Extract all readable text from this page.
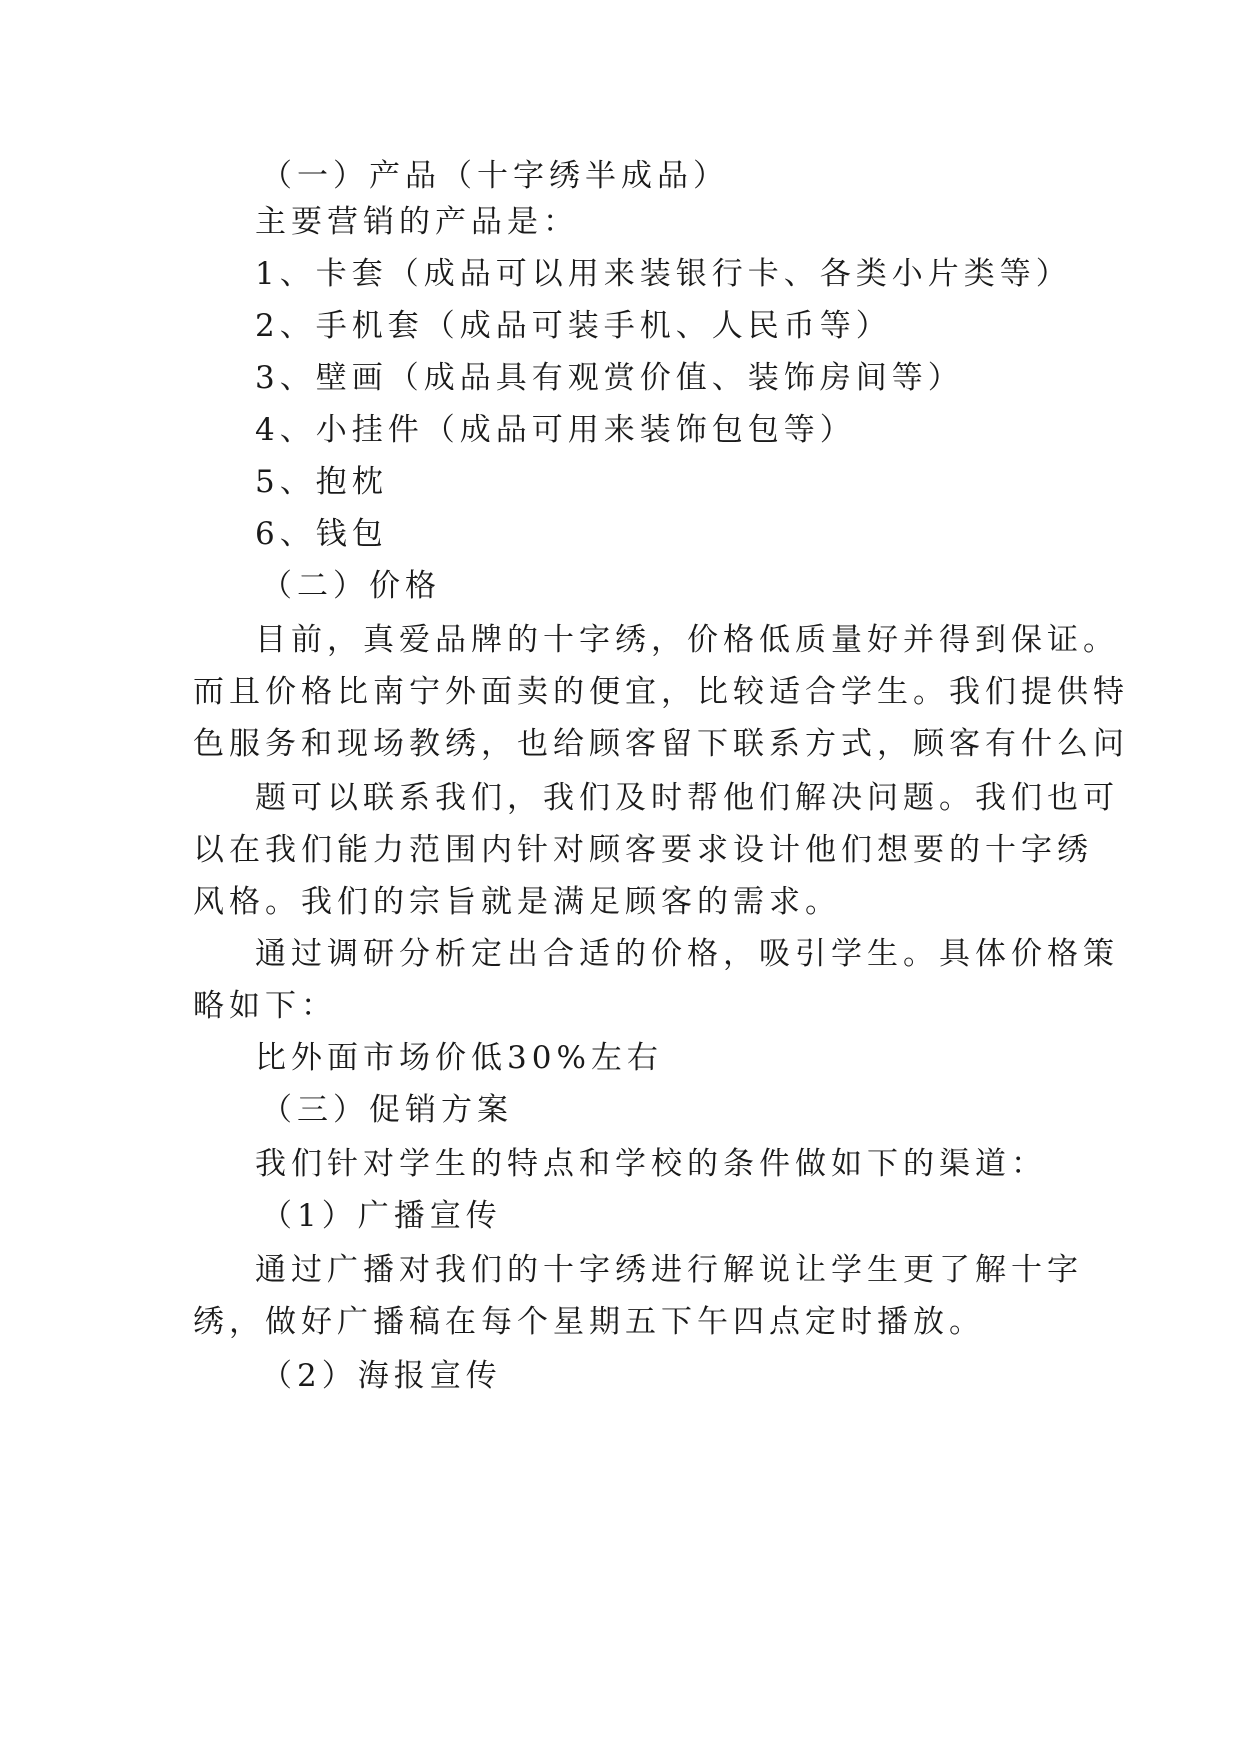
（一）产品（十字绣半成品）
主要营销的产品是：
1、卡套（成品可以用来装银行卡、各类小片类等）
2、手机套（成品可装手机、人民币等）
3、壁画（成品具有观赏价值、装饰房间等）
4、小挂件（成品可用来装饰包包等）
5、抱枕
6、钱包
（二）价格
目前，真爱品牌的十字绣，价格低质量好并得到保证。
而且价格比南宁外面卖的便宜，比较适合学生。我们提供特
色服务和现场教绣，也给顾客留下联系方式，顾客有什么问
题可以联系我们，我们及时帮他们解决问题。我们也可
以在我们能力范围内针对顾客要求设计他们想要的十字绣
风格。我们的宗旨就是满足顾客的需求。
通过调研分析定出合适的价格，吸引学生。具体价格策
略如下：
比外面市场价低30%左右
（三）促销方案
我们针对学生的特点和学校的条件做如下的渠道：
（1）广播宣传
通过广播对我们的十字绣进行解说让学生更了解十字
绣，做好广播稿在每个星期五下午四点定时播放。
（2）海报宣传
